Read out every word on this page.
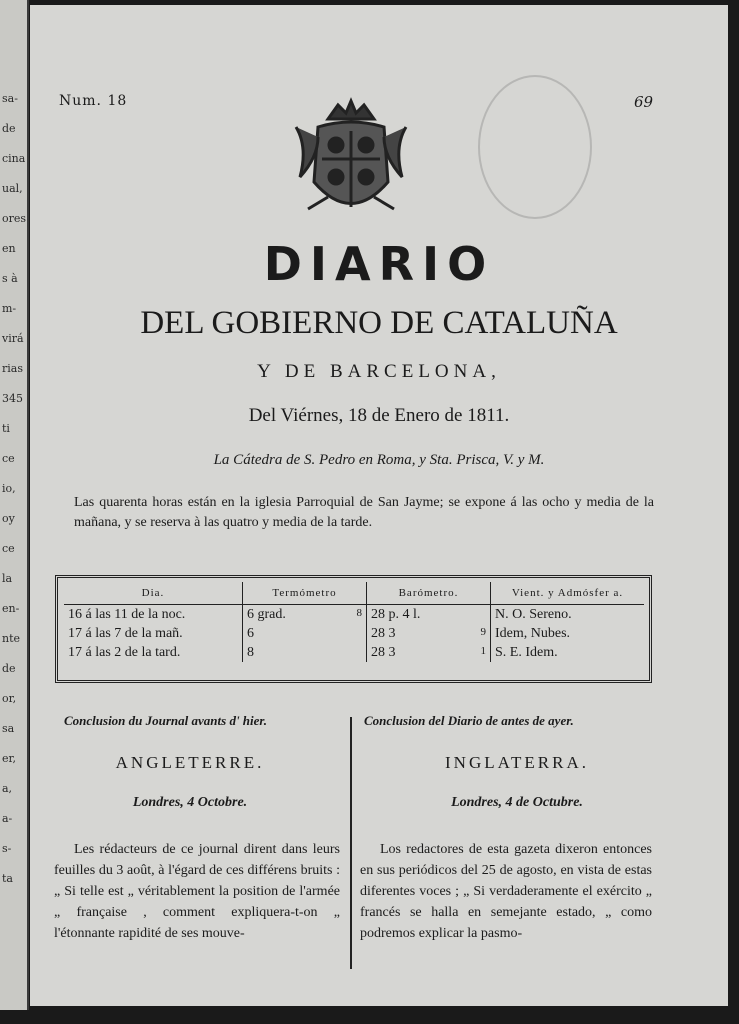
sa-
de
cina
ual,
ores
en
s à
m-
virá
rias
345
ti
ce
io,
oy
ce
la
en-
nte
de
or,
sa
er,
a,
a-
s-
ta
Num. 18	69
DIARIO
DEL GOBIERNO DE CATALUÑA
Y DE BARCELONA,
Del Viérnes, 18 de Enero de 1811.
La Cátedra de S. Pedro en Roma, y Sta. Prisca, V. y M.
Las quarenta horas están en la iglesia Parroquial de San Jayme; se expone á las ocho y media de la mañana, y se reserva à las quatro y media de la tarde.
Dia.	Termómetro	Barómetro.	Vient. y Admósfer a.
16 á las 11 de la noc.	6 grad. 8	28 p. 4 l.	N. O. Sereno.
17 á las 7 de la mañ.	6	28 3 9	Idem, Nubes.
17 á las 2 de la tard.	8	28 3 1	S. E. Idem.
Conclusion du Journal avants d' hier.	Conclusion del Diario de antes de ayer.
ANGLETERRE.	INGLATERRA.
Londres, 4 Octobre.	Londres, 4 de Octubre.
Les rédacteurs de ce journal dirent dans leurs feuilles du 3 août, à l'égard de ces différens bruits : „ Si telle est „ véritablement la position de l'armée „ française , comment expliquera-t-on „ l'étonnante rapidité de ses mouve-
Los redactores de esta gazeta dixeron entonces en sus periódicos del 25 de agosto, en vista de estas diferentes voces ; „ Si verdaderamente el exército „ francés se halla en semejante estado, „ como podremos explicar la pasmo-
